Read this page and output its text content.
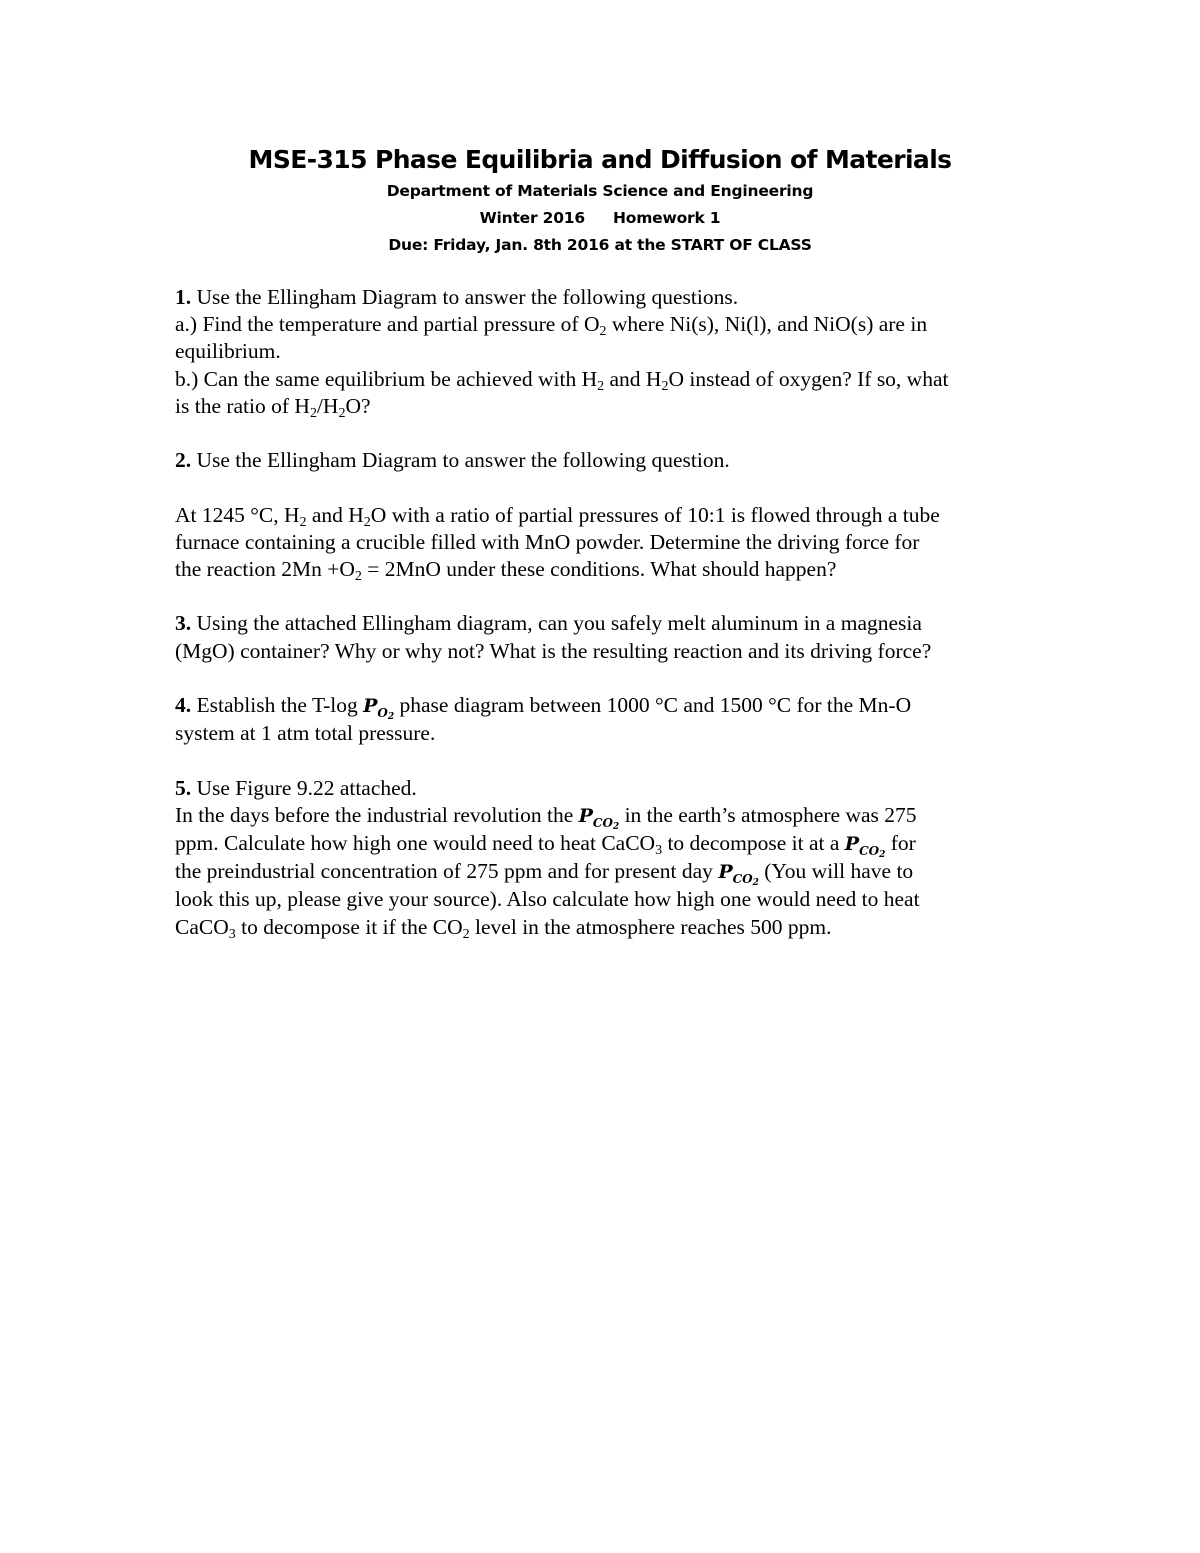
MSE-315 Phase Equilibria and Diffusion of Materials

Department of Materials Science and Engineering

Winter 2016 Homework 1

Due: Friday, Jan. 8th 2016 at the START OF CLASS

1. Use the Ellingham Diagram to answer the following questions.

a.) Find the temperature and partial pressure of $O_2$ where Ni(s), Ni(l), and NiO(s) are in

equilibrium.

b.) Can the same equilibrium be achieved with $H_2$ and $H_2O$ instead of oxygen? If so, what

is the ratio of $H_2/H_2O$?

2. Use the Ellingham Diagram to answer the following question.

At 1245 °C, $H_2$ and $H_2O$ with a ratio of partial pressures of 10:1 is flowed through a tube

furnace containing a crucible filled with MnO powder. Determine the driving force for

the reaction $2Mn +O_2 = 2MnO$ under these conditions. What should happen?

3. Using the attached Ellingham diagram, can you safely melt aluminum in a magnesia

(MgO) container? Why or why not? What is the resulting reaction and its driving force?

4. Establish the T-log $P_{O_2}$ phase diagram between 1000 °C and 1500 °C for the Mn-O

system at 1 atm total pressure.

5. Use Figure 9.22 attached.

In the days before the industrial revolution the $P_{CO_2}$ in the earth’s atmosphere was 275

ppm. Calculate how high one would need to heat CaCO$_3$ to decompose it at a $P_{CO_2}$ for

the preindustrial concentration of 275 ppm and for present day $P_{CO_2}$ (You will have to

look this up, please give your source). Also calculate how high one would need to heat

CaCO$_3$ to decompose it if the $CO_2$ level in the atmosphere reaches 500 ppm.
